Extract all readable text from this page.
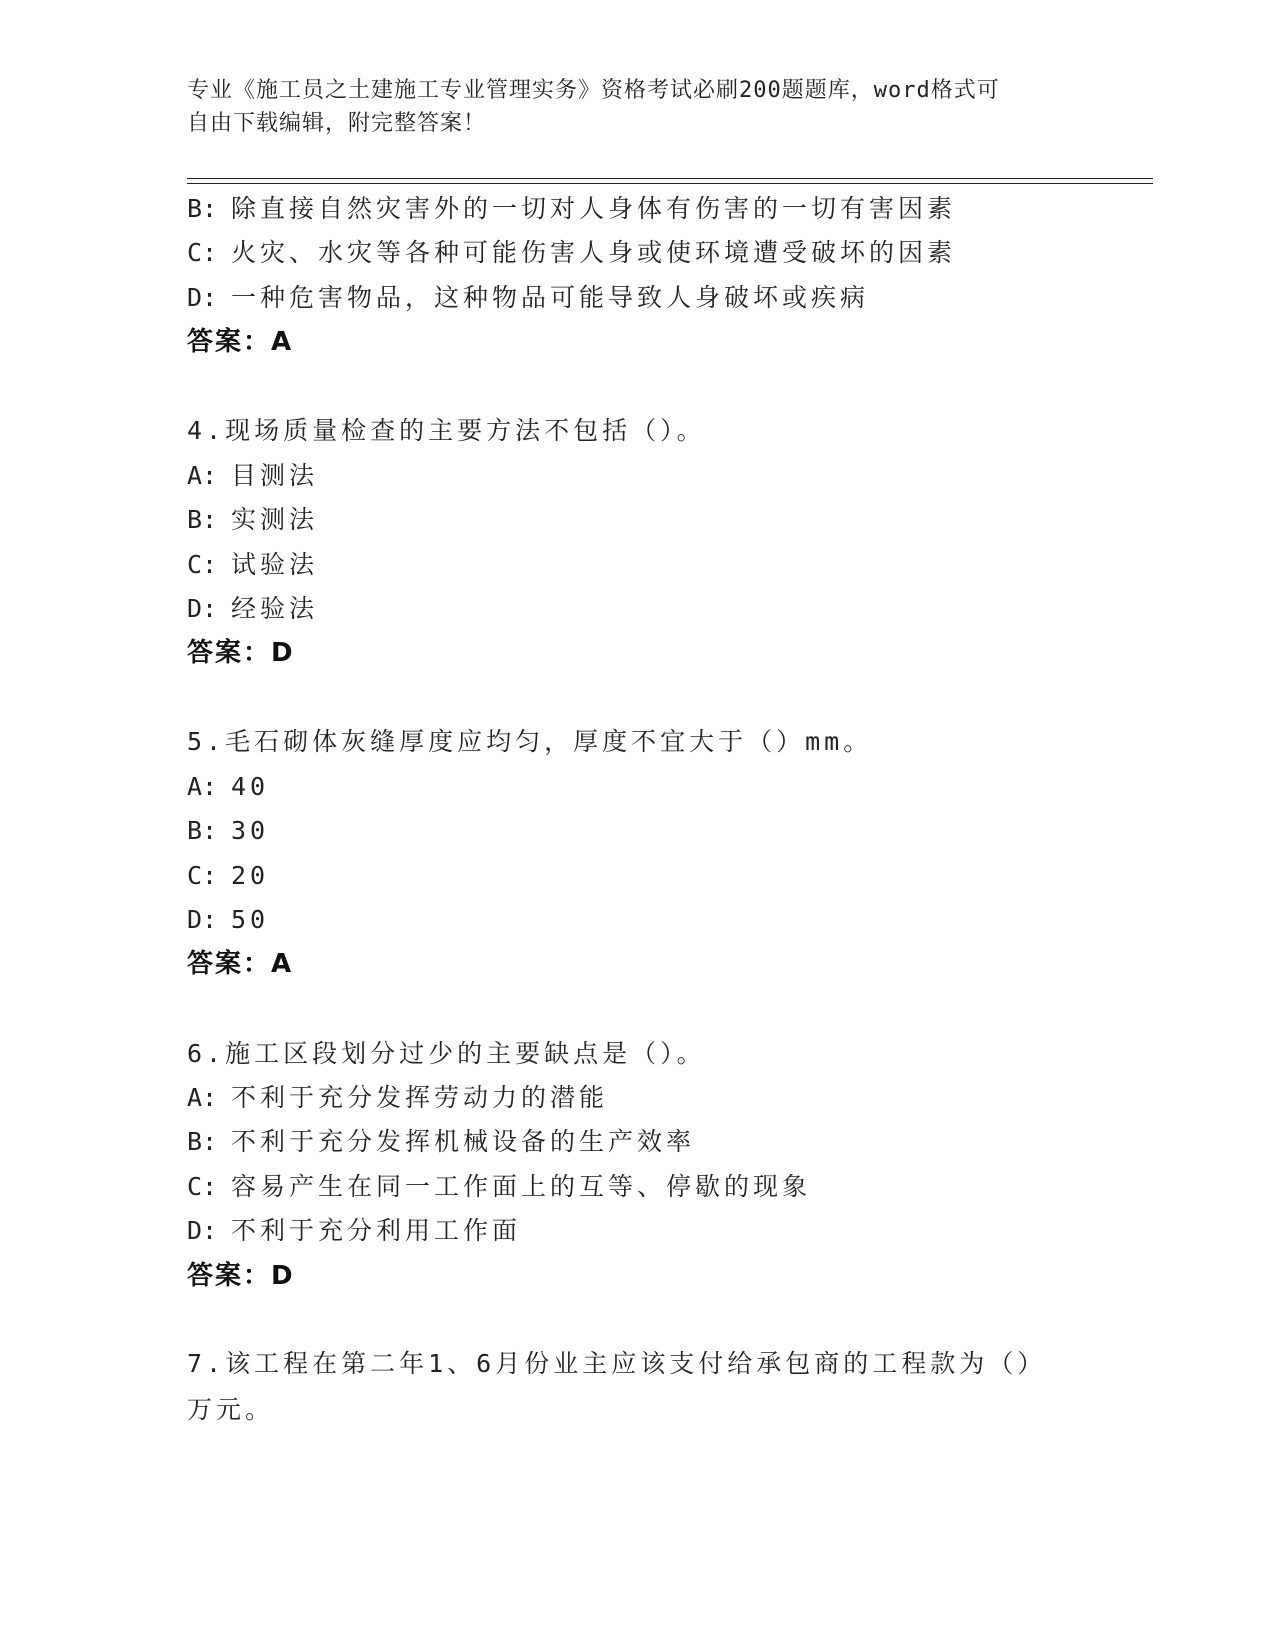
专业《施工员之土建施工专业管理实务》资格考试必刷200题题库，word格式可
自由下载编辑，附完整答案！
B: 除直接自然灾害外的一切对人身体有伤害的一切有害因素
C: 火灾、水灾等各种可能伤害人身或使环境遭受破坏的因素
D: 一种危害物品，这种物品可能导致人身破坏或疾病
答案：A
4.现场质量检查的主要方法不包括（）。
A: 目测法
B: 实测法
C: 试验法
D: 经验法
答案：D
5.毛石砌体灰缝厚度应均匀，厚度不宜大于（）mm。
A: 40
B: 30
C: 20
D: 50
答案：A
6.施工区段划分过少的主要缺点是（）。
A: 不利于充分发挥劳动力的潜能
B: 不利于充分发挥机械设备的生产效率
C: 容易产生在同一工作面上的互等、停歇的现象
D: 不利于充分利用工作面
答案：D
7.该工程在第二年1、6月份业主应该支付给承包商的工程款为（）万元。
